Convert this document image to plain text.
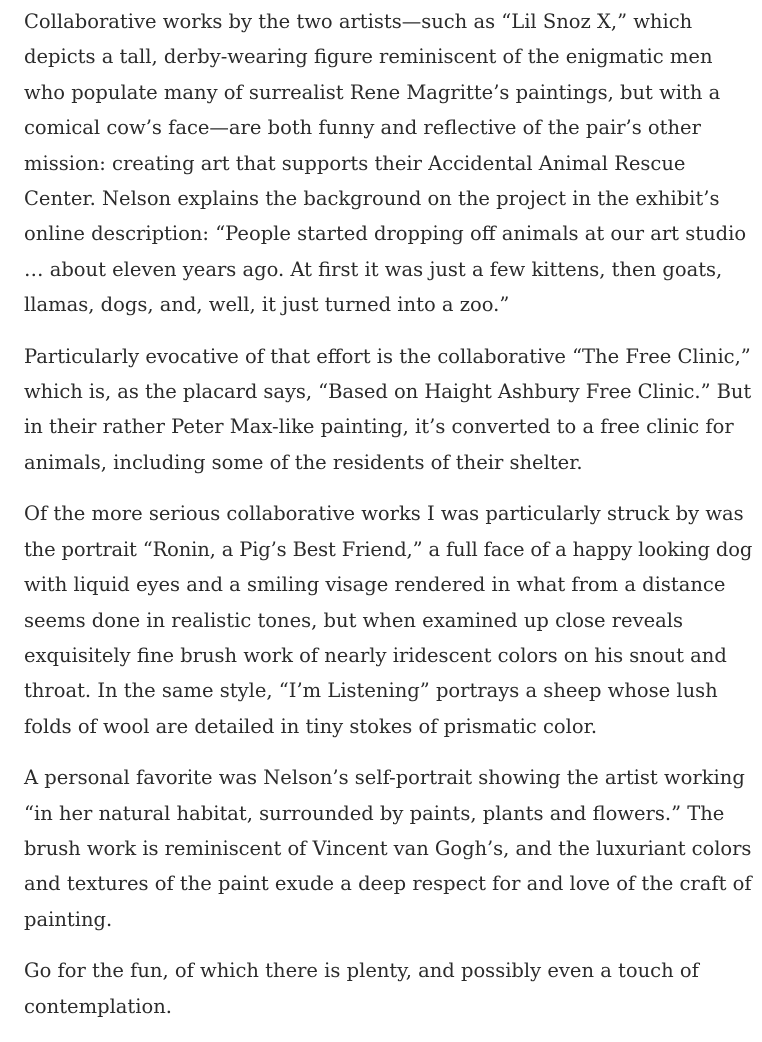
Collaborative works by the two artists—such as “Lil Snoz X,” which
depicts a tall, derby-wearing figure reminiscent of the enigmatic men
who populate many of surrealist Rene Magritte’s paintings, but with a
comical cow’s face—are both funny and reflective of the pair’s other
mission: creating art that supports their Accidental Animal Rescue
Center. Nelson explains the background on the project in the exhibit’s
online description: “People started dropping off animals at our art studio
… about eleven years ago. At first it was just a few kittens, then goats,
llamas, dogs, and, well, it just turned into a zoo.”

Particularly evocative of that effort is the collaborative “The Free Clinic,”
which is, as the placard says, “Based on Haight Ashbury Free Clinic.” But
in their rather Peter Max-like painting, it’s converted to a free clinic for
animals, including some of the residents of their shelter.

Of the more serious collaborative works I was particularly struck by was
the portrait “Ronin, a Pig’s Best Friend,” a full face of a happy looking dog
with liquid eyes and a smiling visage rendered in what from a distance
seems done in realistic tones, but when examined up close reveals
exquisitely fine brush work of nearly iridescent colors on his snout and
throat. In the same style, “I’m Listening” portrays a sheep whose lush
folds of wool are detailed in tiny stokes of prismatic color.

A personal favorite was Nelson’s self-portrait showing the artist working
“in her natural habitat, surrounded by paints, plants and flowers.” The
brush work is reminiscent of Vincent van Gogh’s, and the luxuriant colors
and textures of the paint exude a deep respect for and love of the craft of
painting.

Go for the fun, of which there is plenty, and possibly even a touch of
contemplation.
